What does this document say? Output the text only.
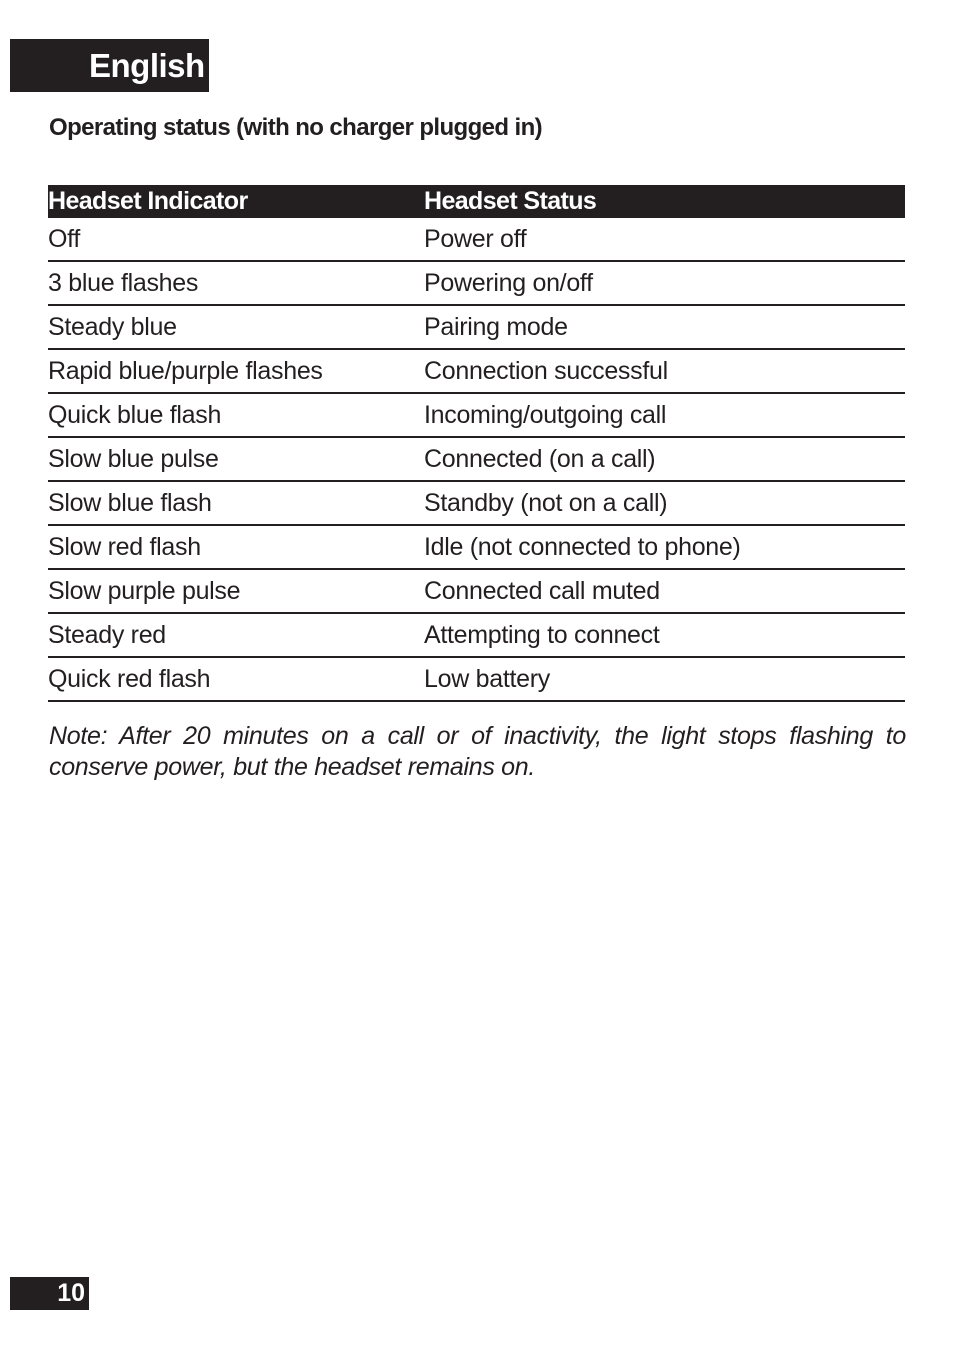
English
Operating status (with no charger plugged in)
Headset Indicator	Headset Status
Off	Power off
3 blue flashes	Powering on/off
Steady blue	Pairing mode
Rapid blue/purple flashes	Connection successful
Quick blue flash	Incoming/outgoing call
Slow blue pulse	Connected (on a call)
Slow blue flash	Standby (not on a call)
Slow red flash	Idle (not connected to phone)
Slow purple pulse	Connected call muted
Steady red	Attempting to connect
Quick red flash	Low battery

Note: After 20 minutes on a call or of inactivity, the light stops flashing to conserve power, but the headset remains on.

10
